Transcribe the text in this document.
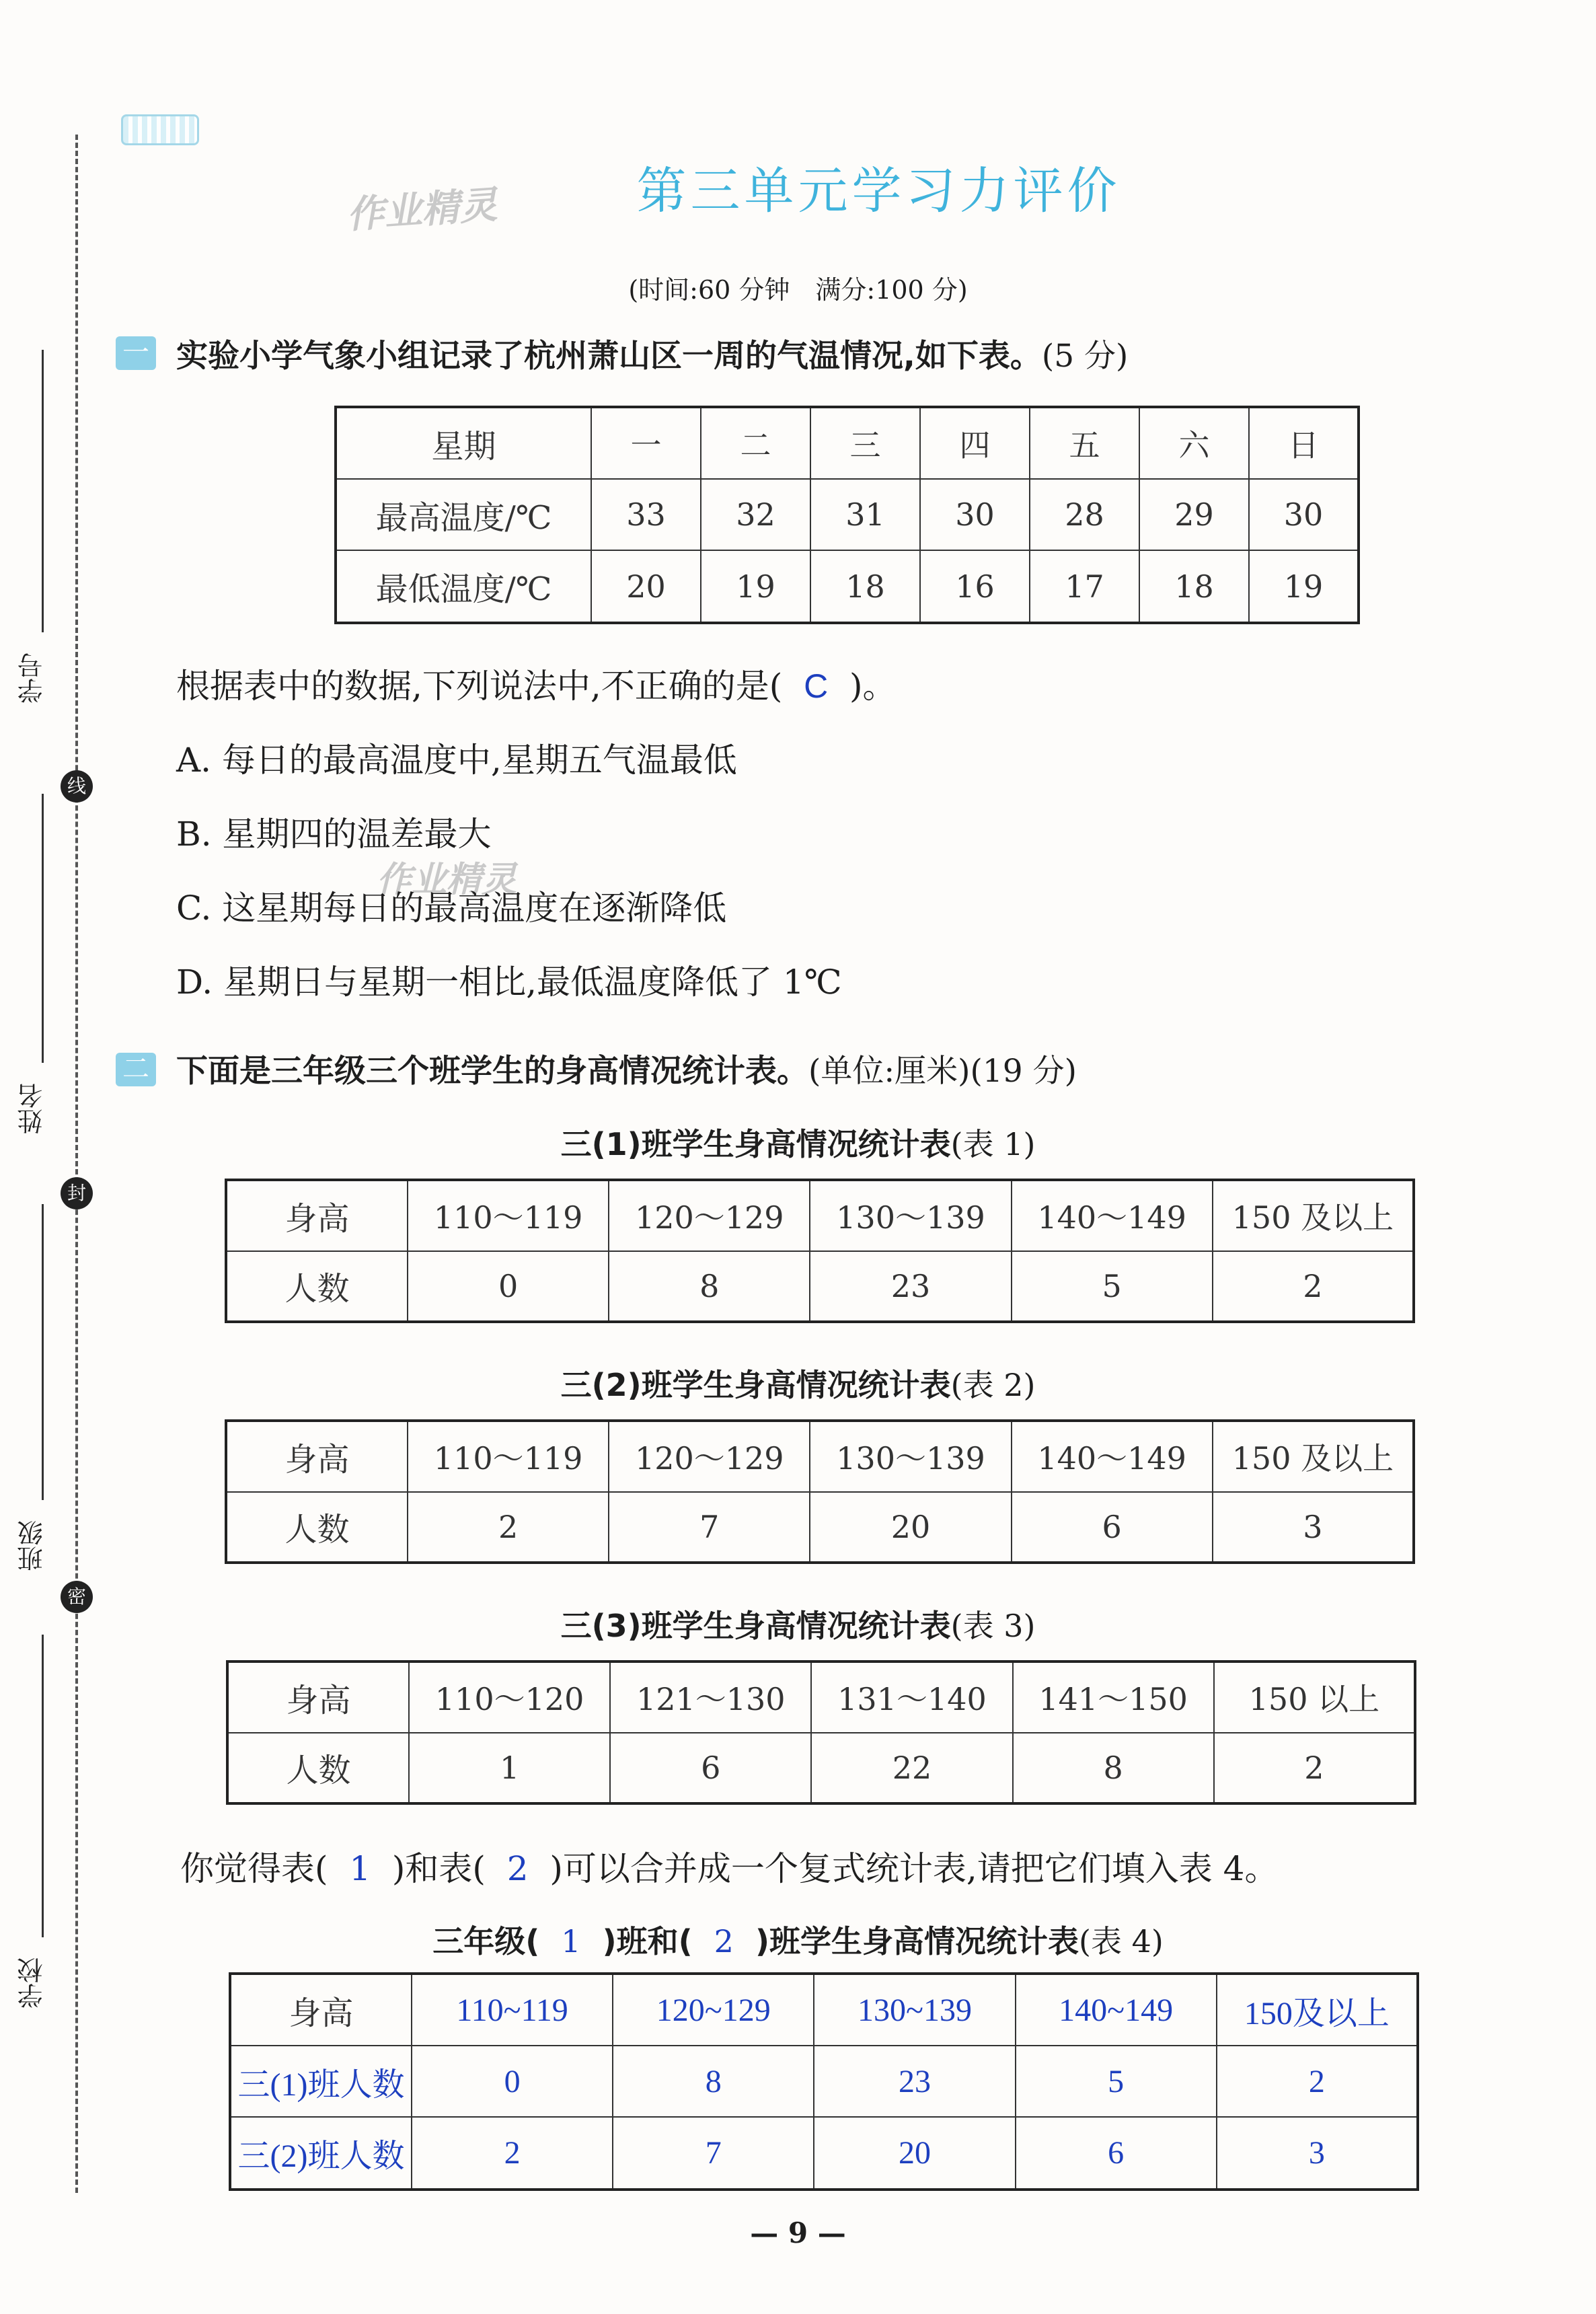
学号
线
姓名
封
班级
密
学校
作业精灵	第三单元学习力评价
(时间:60 分钟　满分:100 分)
一 实验小学气象小组记录了杭州萧山区一周的气温情况,如下表。(5 分)
星期	一	二	三	四	五	六	日
最高温度/℃	33	32	31	30	28	29	30
最低温度/℃	20	19	18	16	17	18	19
根据表中的数据,下列说法中,不正确的是( C )。
A. 每日的最高温度中,星期五气温最低
B. 星期四的温差最大
作业精灵
C. 这星期每日的最高温度在逐渐降低
D. 星期日与星期一相比,最低温度降低了 1℃
二 下面是三年级三个班学生的身高情况统计表。(单位:厘米)(19 分)
三(1)班学生身高情况统计表(表 1)
身高	110～119	120～129	130～139	140～149	150 及以上
人数	0	8	23	5	2
三(2)班学生身高情况统计表(表 2)
身高	110～119	120～129	130～139	140～149	150 及以上
人数	2	7	20	6	3
三(3)班学生身高情况统计表(表 3)
身高	110～120	121～130	131～140	141～150	150 以上
人数	1	6	22	8	2
你觉得表( 1 )和表( 2 )可以合并成一个复式统计表,请把它们填入表 4。
三年级( 1 )班和( 2 )班学生身高情况统计表(表 4)
身高	110~119	120~129	130~139	140~149	150及以上
三(1)班人数	0	8	23	5	2
三(2)班人数	2	7	20	6	3
— 9 —
